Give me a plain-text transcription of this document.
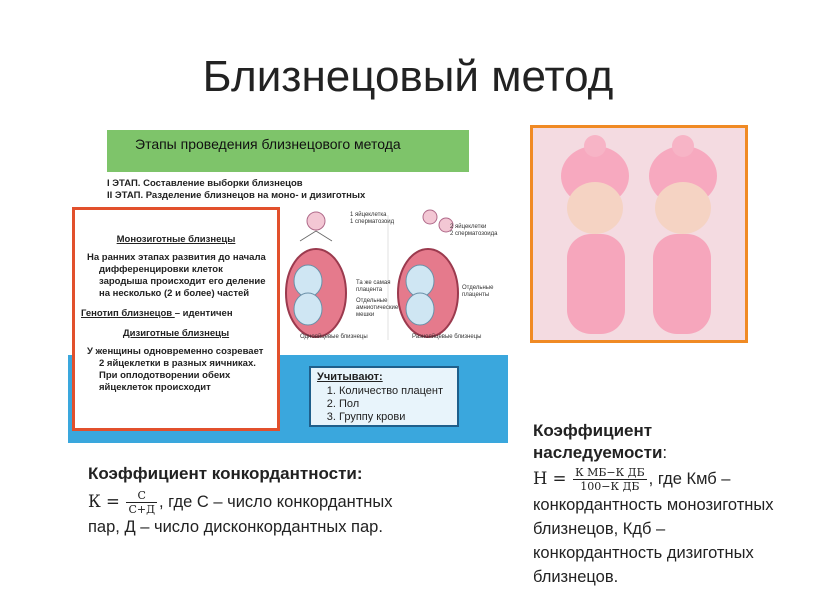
Близнецовый метод
Этапы проведения близнецового метода
I ЭТАП. Составление выборки близнецов
II ЭТАП. Разделение близнецов на моно- и дизиготных
1 яйцеклетка
1 сперматозоид
2 яйцеклетки
2 сперматозоида
Та же самая плацента
Отдельные амниотические мешки
Отдельные плаценты
Однояйцевые близнецы	Разнояйцевые близнецы
Монозиготные близнецы
На ранних этапах развития до начала дифференцировки клеток зародыша происходит его деление на несколько (2 и более) частей
Генотип близнецов – идентичен
Дизиготные близнецы
У женщины одновременно созревает 2 яйцеклетки в разных яичниках. При оплодотворении обеих яйцеклеток происходит
Учитывают:
1. Количество плацент
2. Пол
3. Группу крови
Коэффициент конкордантности:
$К = \frac{С}{С+Д}$ , где С – число конкордантных пар, Д – число дисконкордантных пар.
Коэффициент наследуемости:
$H = \frac{\text{К МБ−К ДБ}}{\text{100−К ДБ}}$ , где Кмб – конкордантность монозиготных близнецов, Кдб – конкордантность дизиготных близнецов.
